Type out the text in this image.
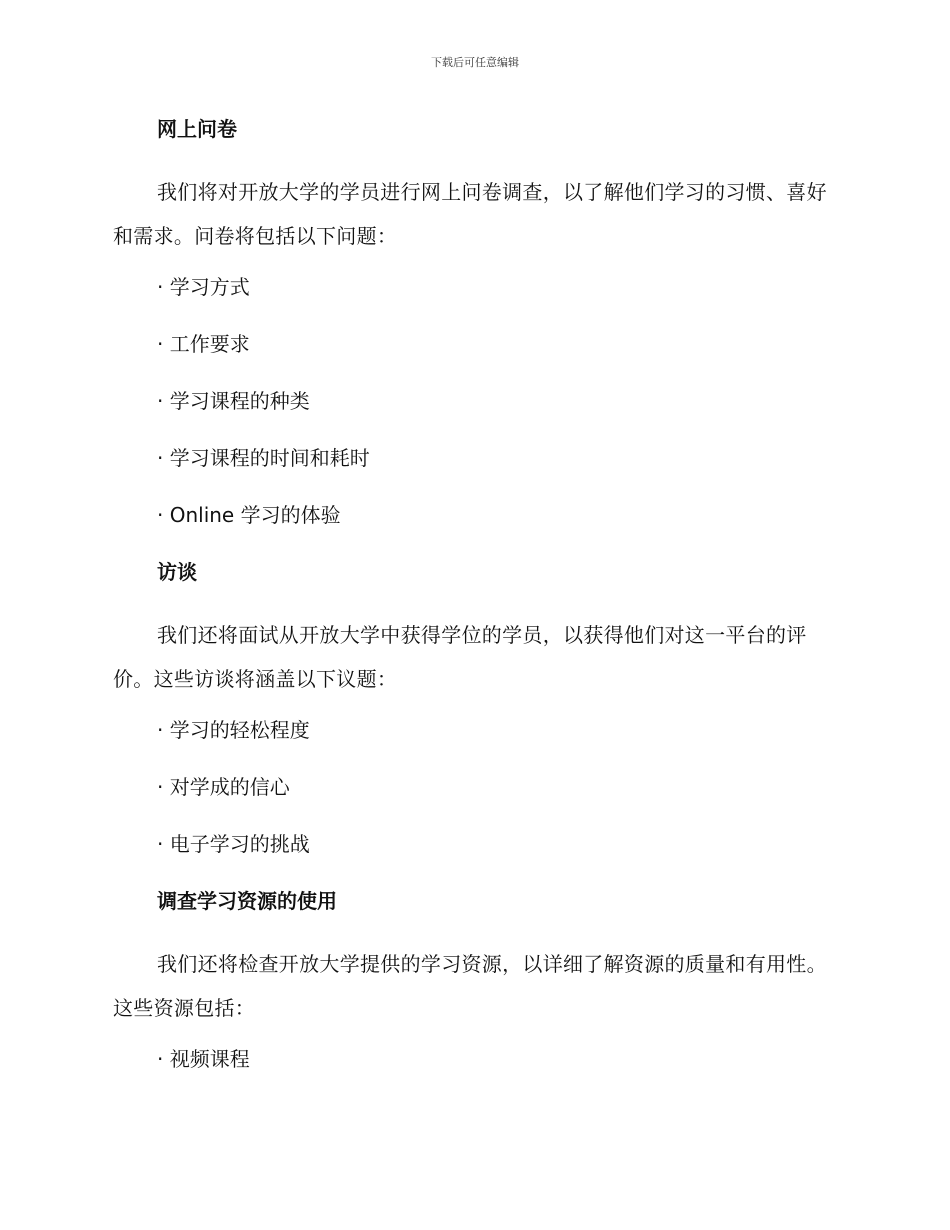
下载后可任意编辑
网上问卷

我们将对开放大学的学员进行网上问卷调查，以了解他们学习的习惯、喜好和需求。问卷将包括以下问题：

· 学习方式
· 工作要求
· 学习课程的种类
· 学习课程的时间和耗时
· Online 学习的体验
访谈

我们还将面试从开放大学中获得学位的学员，以获得他们对这一平台的评价。这些访谈将涵盖以下议题：

· 学习的轻松程度
· 对学成的信心
· 电子学习的挑战
调查学习资源的使用

我们还将检查开放大学提供的学习资源，以详细了解资源的质量和有用性。这些资源包括：

· 视频课程
